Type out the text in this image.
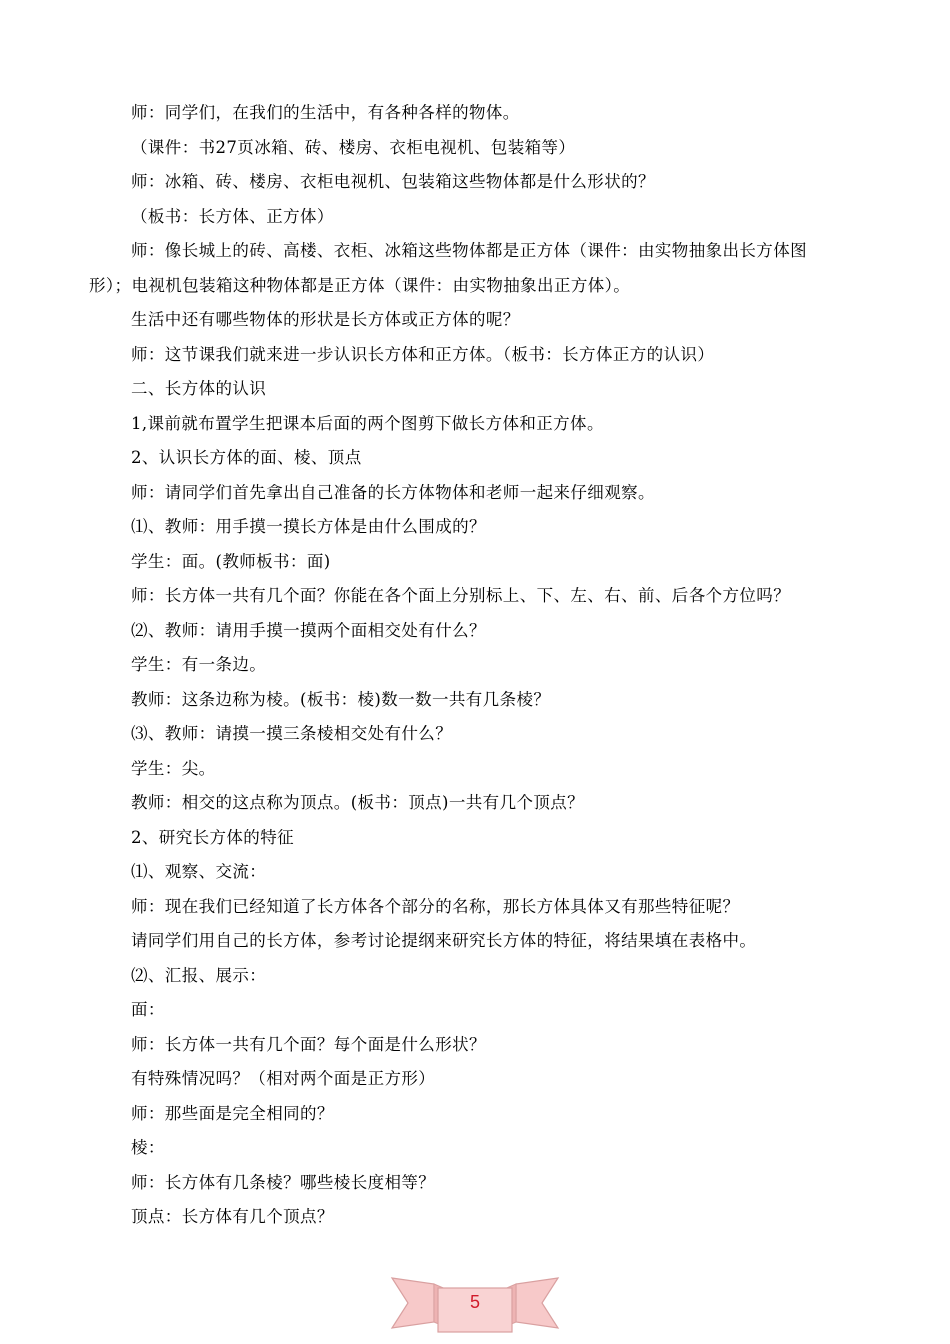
师：同学们，在我们的生活中，有各种各样的物体。
（课件：书27页冰箱、砖、楼房、衣柜电视机、包装箱等）
师：冰箱、砖、楼房、衣柜电视机、包装箱这些物体都是什么形状的？
（板书：长方体、正方体）
师：像长城上的砖、高楼、衣柜、冰箱这些物体都是正方体（课件：由实物抽象出长方体图
形）；电视机包装箱这种物体都是正方体（课件：由实物抽象出正方体）。
生活中还有哪些物体的形状是长方体或正方体的呢？
师：这节课我们就来进一步认识长方体和正方体。（板书：长方体正方的认识）
二、长方体的认识
1,课前就布置学生把课本后面的两个图剪下做长方体和正方体。
2、认识长方体的面、棱、顶点
师：请同学们首先拿出自己准备的长方体物体和老师一起来仔细观察。
⑴、教师：用手摸一摸长方体是由什么围成的？
学生：面。(教师板书：面)
师：长方体一共有几个面？你能在各个面上分别标上、下、左、右、前、后各个方位吗？
⑵、教师：请用手摸一摸两个面相交处有什么？
学生：有一条边。
教师：这条边称为棱。(板书：棱)数一数一共有几条棱？
⑶、教师：请摸一摸三条棱相交处有什么？
学生：尖。
教师：相交的这点称为顶点。(板书：顶点)一共有几个顶点？
2、研究长方体的特征
⑴、观察、交流：
师：现在我们已经知道了长方体各个部分的名称，那长方体具体又有那些特征呢？
请同学们用自己的长方体，参考讨论提纲来研究长方体的特征，将结果填在表格中。
⑵、汇报、展示：
面：
师：长方体一共有几个面？每个面是什么形状？
有特殊情况吗？（相对两个面是正方形）
师：那些面是完全相同的？
棱：
师：长方体有几条棱？哪些棱长度相等？
顶点：长方体有几个顶点？
5
